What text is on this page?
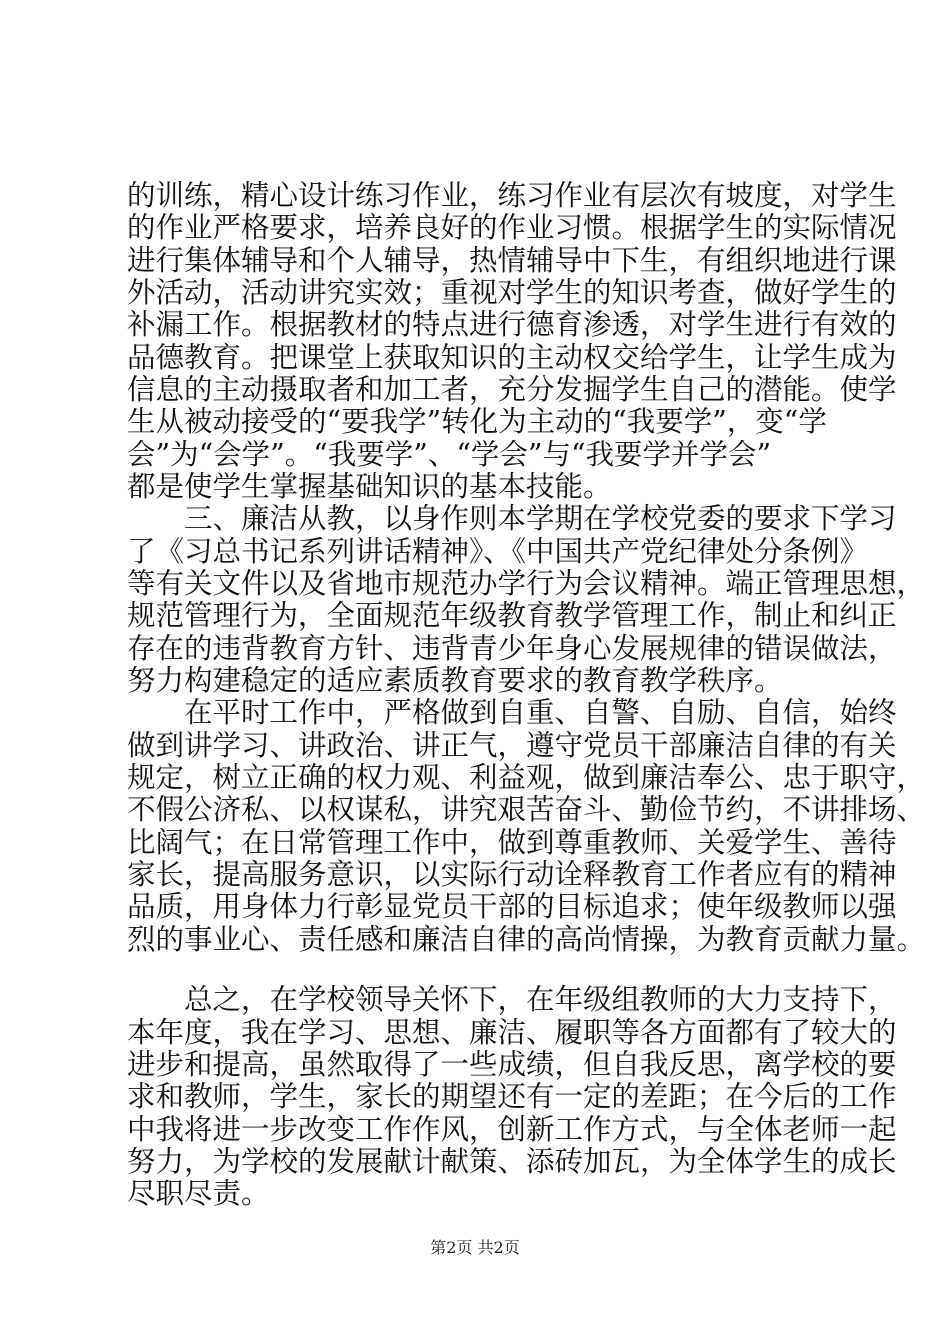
的训练，精心设计练习作业，练习作业有层次有坡度，对学生
的作业严格要求，培养良好的作业习惯。根据学生的实际情况
进行集体辅导和个人辅导，热情辅导中下生，有组织地进行课
外活动，活动讲究实效；重视对学生的知识考查，做好学生的
补漏工作。根据教材的特点进行德育渗透，对学生进行有效的
品德教育。把课堂上获取知识的主动权交给学生，让学生成为
信息的主动摄取者和加工者，充分发掘学生自己的潜能。使学
生从被动接受的“要我学”转化为主动的“我要学”，变“学
会”为“会学”。“我要学”、“学会”与“我要学并学会”
都是使学生掌握基础知识的基本技能。
三、廉洁从教，以身作则本学期在学校党委的要求下学习
了《习总书记系列讲话精神》、《中国共产党纪律处分条例》
等有关文件以及省地市规范办学行为会议精神。端正管理思想，
规范管理行为，全面规范年级教育教学管理工作，制止和纠正
存在的违背教育方针、违背青少年身心发展规律的错误做法，
努力构建稳定的适应素质教育要求的教育教学秩序。
在平时工作中，严格做到自重、自警、自励、自信，始终
做到讲学习、讲政治、讲正气，遵守党员干部廉洁自律的有关
规定，树立正确的权力观、利益观，做到廉洁奉公、忠于职守，
不假公济私、以权谋私，讲究艰苦奋斗、勤俭节约，不讲排场、
比阔气；在日常管理工作中，做到尊重教师、关爱学生、善待
家长，提高服务意识，以实际行动诠释教育工作者应有的精神
品质，用身体力行彰显党员干部的目标追求；使年级教师以强
烈的事业心、责任感和廉洁自律的高尚情操，为教育贡献力量。
总之，在学校领导关怀下，在年级组教师的大力支持下，
本年度，我在学习、思想、廉洁、履职等各方面都有了较大的
进步和提高，虽然取得了一些成绩，但自我反思，离学校的要
求和教师，学生，家长的期望还有一定的差距；在今后的工作
中我将进一步改变工作作风，创新工作方式，与全体老师一起
努力，为学校的发展献计献策、添砖加瓦，为全体学生的成长
尽职尽责。
第2页 共2页
